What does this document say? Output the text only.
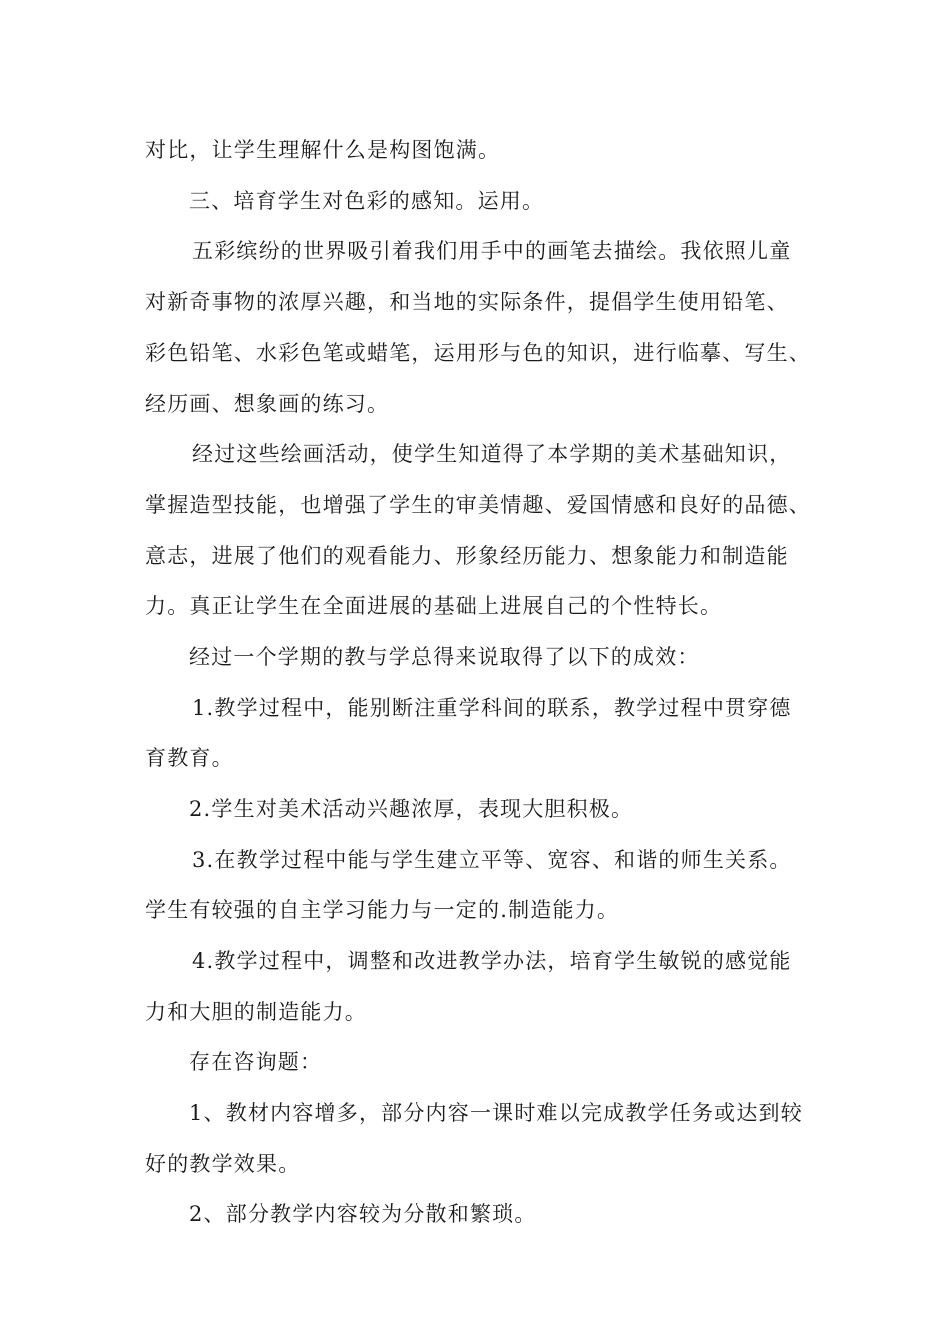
对比，让学生理解什么是构图饱满。
三、培育学生对色彩的感知。运用。
五彩缤纷的世界吸引着我们用手中的画笔去描绘。我依照儿童
对新奇事物的浓厚兴趣，和当地的实际条件，提倡学生使用铅笔、
彩色铅笔、水彩色笔或蜡笔，运用形与色的知识，进行临摹、写生、
经历画、想象画的练习。
经过这些绘画活动，使学生知道得了本学期的美术基础知识，
掌握造型技能，也增强了学生的审美情趣、爱国情感和良好的品德、
意志，进展了他们的观看能力、形象经历能力、想象能力和制造能
力。真正让学生在全面进展的基础上进展自己的个性特长。
经过一个学期的教与学总得来说取得了以下的成效：
1.教学过程中，能别断注重学科间的联系，教学过程中贯穿德
育教育。
2.学生对美术活动兴趣浓厚，表现大胆积极。
3.在教学过程中能与学生建立平等、宽容、和谐的师生关系。
学生有较强的自主学习能力与一定的.制造能力。
4.教学过程中，调整和改进教学办法，培育学生敏锐的感觉能
力和大胆的制造能力。
存在咨询题：
1、教材内容增多，部分内容一课时难以完成教学任务或达到较
好的教学效果。
2、部分教学内容较为分散和繁琐。
